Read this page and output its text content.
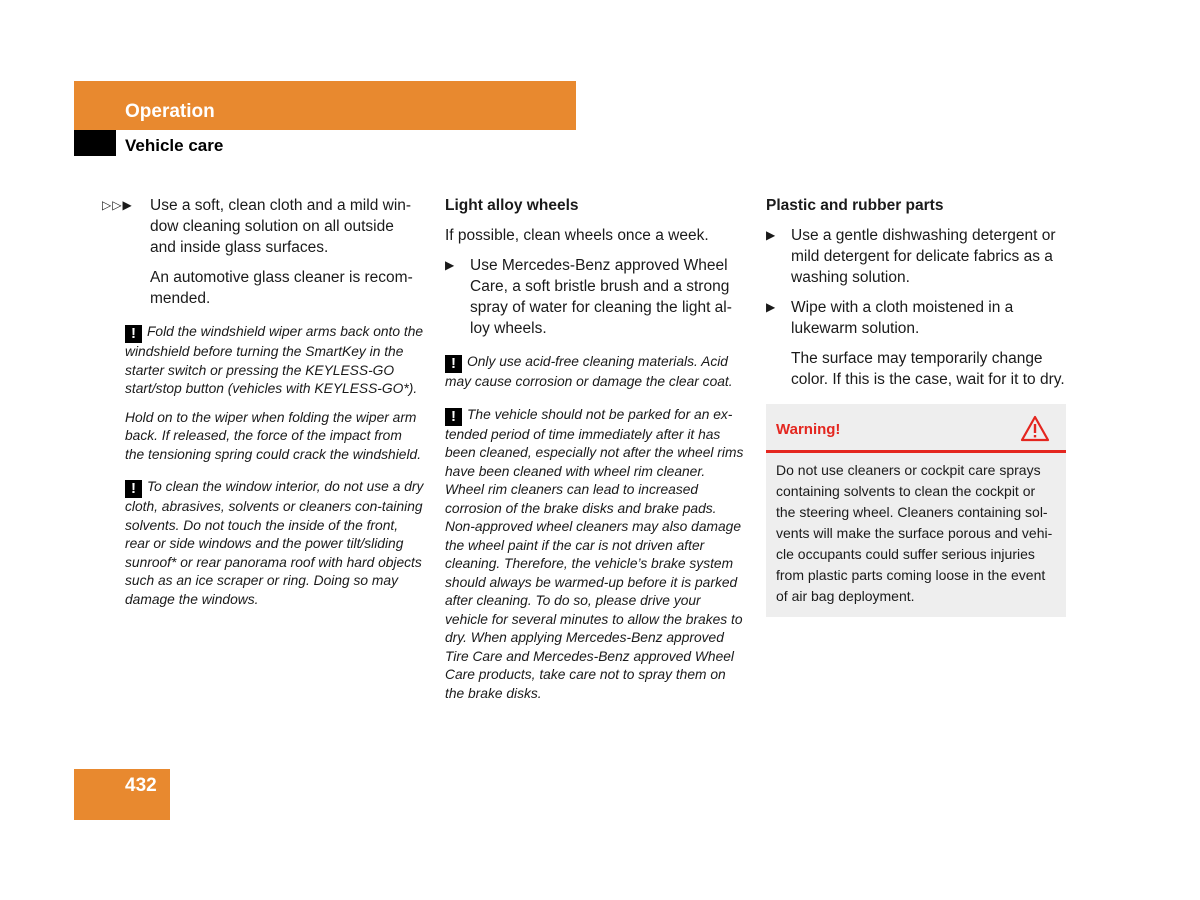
Operation
Vehicle care
▷▷▶ Use a soft, clean cloth and a mild win-dow cleaning solution on all outside and inside glass surfaces.

An automotive glass cleaner is recom-mended.

! Fold the windshield wiper arms back onto the windshield before turning the SmartKey in the starter switch or pressing the KEYLESS-GO start/stop button (vehicles with KEYLESS-GO*).

Hold on to the wiper when folding the wiper arm back. If released, the force of the impact from the tensioning spring could crack the windshield.

! To clean the window interior, do not use a dry cloth, abrasives, solvents or cleaners con-taining solvents. Do not touch the inside of the front, rear or side windows and the power tilt/sliding sunroof* or rear panorama roof with hard objects such as an ice scraper or ring. Doing so may damage the windows.

Light alloy wheels

If possible, clean wheels once a week.

▶ Use Mercedes-Benz approved Wheel Care, a soft bristle brush and a strong spray of water for cleaning the light al-loy wheels.

! Only use acid-free cleaning materials. Acid may cause corrosion or damage the clear coat.

! The vehicle should not be parked for an ex-tended period of time immediately after it has been cleaned, especially not after the wheel rims have been cleaned with wheel rim cleaner. Wheel rim cleaners can lead to increased corrosion of the brake disks and brake pads. Non-approved wheel cleaners may also damage the wheel paint if the car is not driven after cleaning. Therefore, the vehicle’s brake system should always be warmed-up before it is parked after cleaning. To do so, please drive your vehicle for several minutes to allow the brakes to dry. When applying Mercedes-Benz approved Tire Care and Mercedes-Benz approved Wheel Care products, take care not to spray them on the brake disks.

Plastic and rubber parts

▶ Use a gentle dishwashing detergent or mild detergent for delicate fabrics as a washing solution.

▶ Wipe with a cloth moistened in a lukewarm solution.

The surface may temporarily change color. If this is the case, wait for it to dry.

Warning!

Do not use cleaners or cockpit care sprays containing solvents to clean the cockpit or the steering wheel. Cleaners containing sol-vents will make the surface porous and vehi-cle occupants could suffer serious injuries from plastic parts coming loose in the event of air bag deployment.

432
